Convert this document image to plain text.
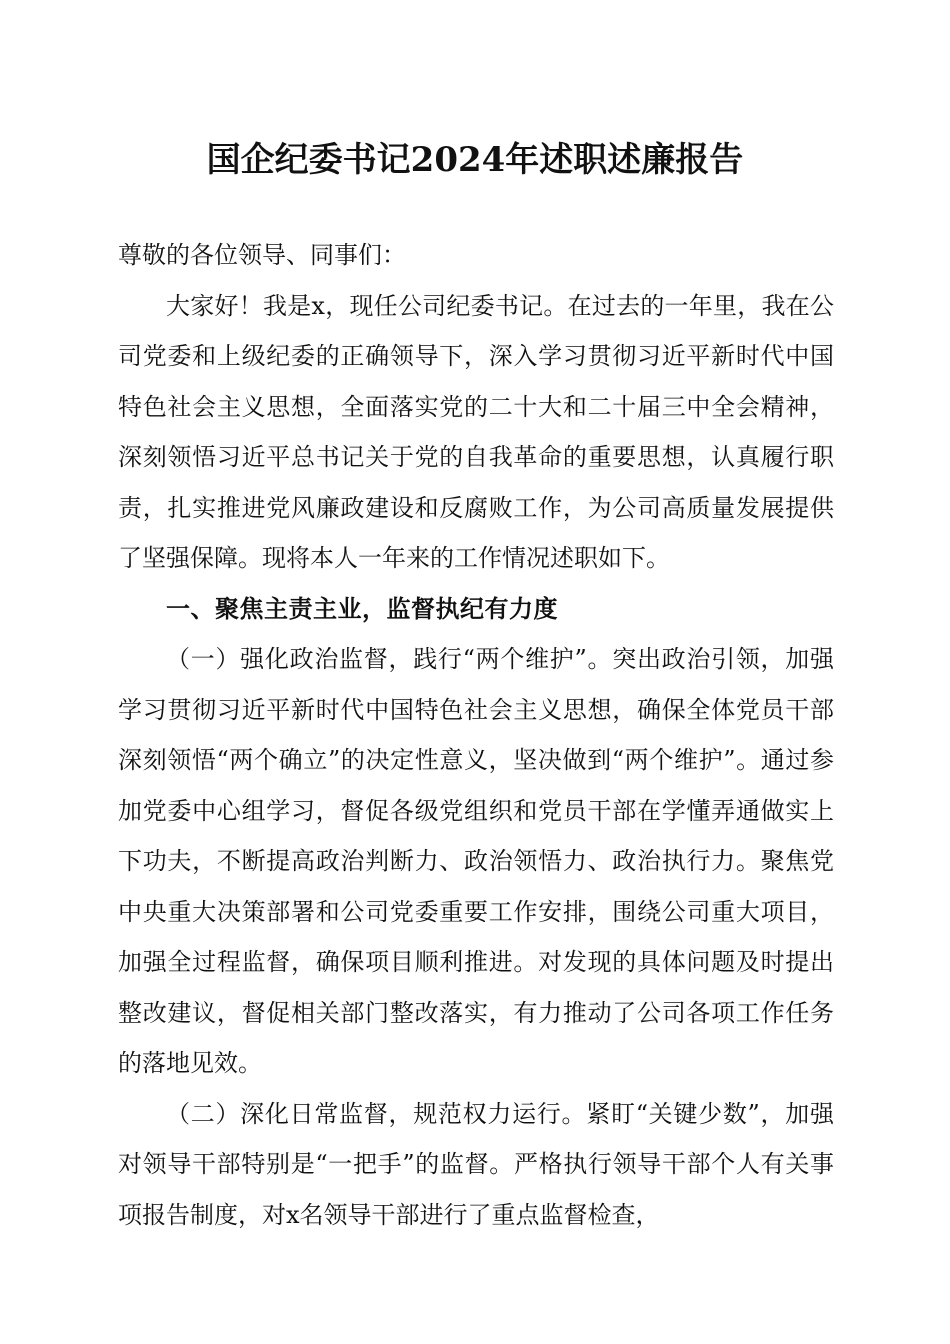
国企纪委书记2024年述职述廉报告

尊敬的各位领导、同事们：

大家好！我是x，现任公司纪委书记。在过去的一年里，我在公司党委和上级纪委的正确领导下，深入学习贯彻习近平新时代中国特色社会主义思想，全面落实党的二十大和二十届三中全会精神，深刻领悟习近平总书记关于党的自我革命的重要思想，认真履行职责，扎实推进党风廉政建设和反腐败工作，为公司高质量发展提供了坚强保障。现将本人一年来的工作情况述职如下。

一、聚焦主责主业，监督执纪有力度

（一）强化政治监督，践行“两个维护”。突出政治引领，加强学习贯彻习近平新时代中国特色社会主义思想，确保全体党员干部深刻领悟“两个确立”的决定性意义，坚决做到“两个维护”。通过参加党委中心组学习，督促各级党组织和党员干部在学懂弄通做实上下功夫，不断提高政治判断力、政治领悟力、政治执行力。聚焦党中央重大决策部署和公司党委重要工作安排，围绕公司重大项目，加强全过程监督，确保项目顺利推进。对发现的具体问题及时提出整改建议，督促相关部门整改落实，有力推动了公司各项工作任务的落地见效。

（二）深化日常监督，规范权力运行。紧盯“关键少数”，加强对领导干部特别是“一把手”的监督。严格执行领导干部个人有关事项报告制度，对x名领导干部进行了重点监督检查，
